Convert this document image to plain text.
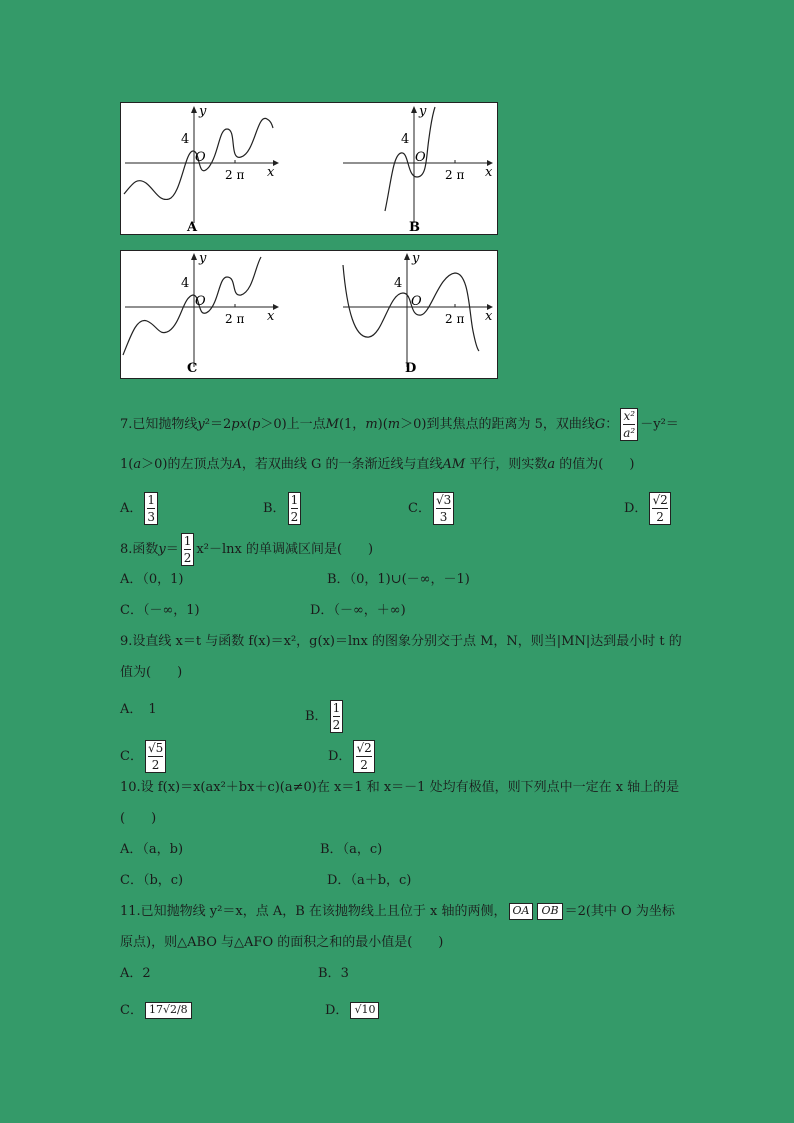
y
x
4
O
2 π
A
y
x
4
O
2 π
B
y
x
4
O
2 π
C
y
x
4
O
2 π
D
7.已知抛物线y²＝2px(p＞0)上一点M(1，m)(m＞0)到其焦点的距离为 5，双曲线G： $\frac{\text{x²}}{\text{a²}} -y^2=$
1(a＞0)的左顶点为A，若双曲线 G 的一条渐近线与直线AM 平行，则实数a 的值为(　　)
A． $\frac{1}{3}$	B． $\frac{1}{2}$	C． $\frac{√3}{3}$	D． $\frac{√2}{2}$
8.函数$y= \frac{1}{2} x^2-\ln x$ 的单调减区间是(　　)
A．（0，1)	B．（0，1)∪(－∞，－1)
C．（－∞，1)	D．（－∞，＋∞)
9.设直线 x＝t 与函数 f(x)＝x²，g(x)＝lnx 的图象分别交于点 M，N，则当|MN|达到最小时 t 的
值为(　　)
A． 1	B． $\frac{1}{2}$
C． $\frac{√5}{2}$	D． $\frac{√2}{2}$
10.设 f(x)＝x(ax²＋bx＋c)(a≠0)在 x＝1 和 x＝－1 处均有极值，则下列点中一定在 x 轴上的是
(　　)
A．（a，b)	B．（a，c)
C．（b，c)	D．（a＋b，c)
11.已知抛物线 y²＝x，点 A，B 在该抛物线上且位于 x 轴的两侧， OA OB ＝2(其中 O 为坐标
原点)，则△ABO 与△AFO 的面积之和的最小值是(　　)
A．2	B．3
C． 17√2/8	D． √10
